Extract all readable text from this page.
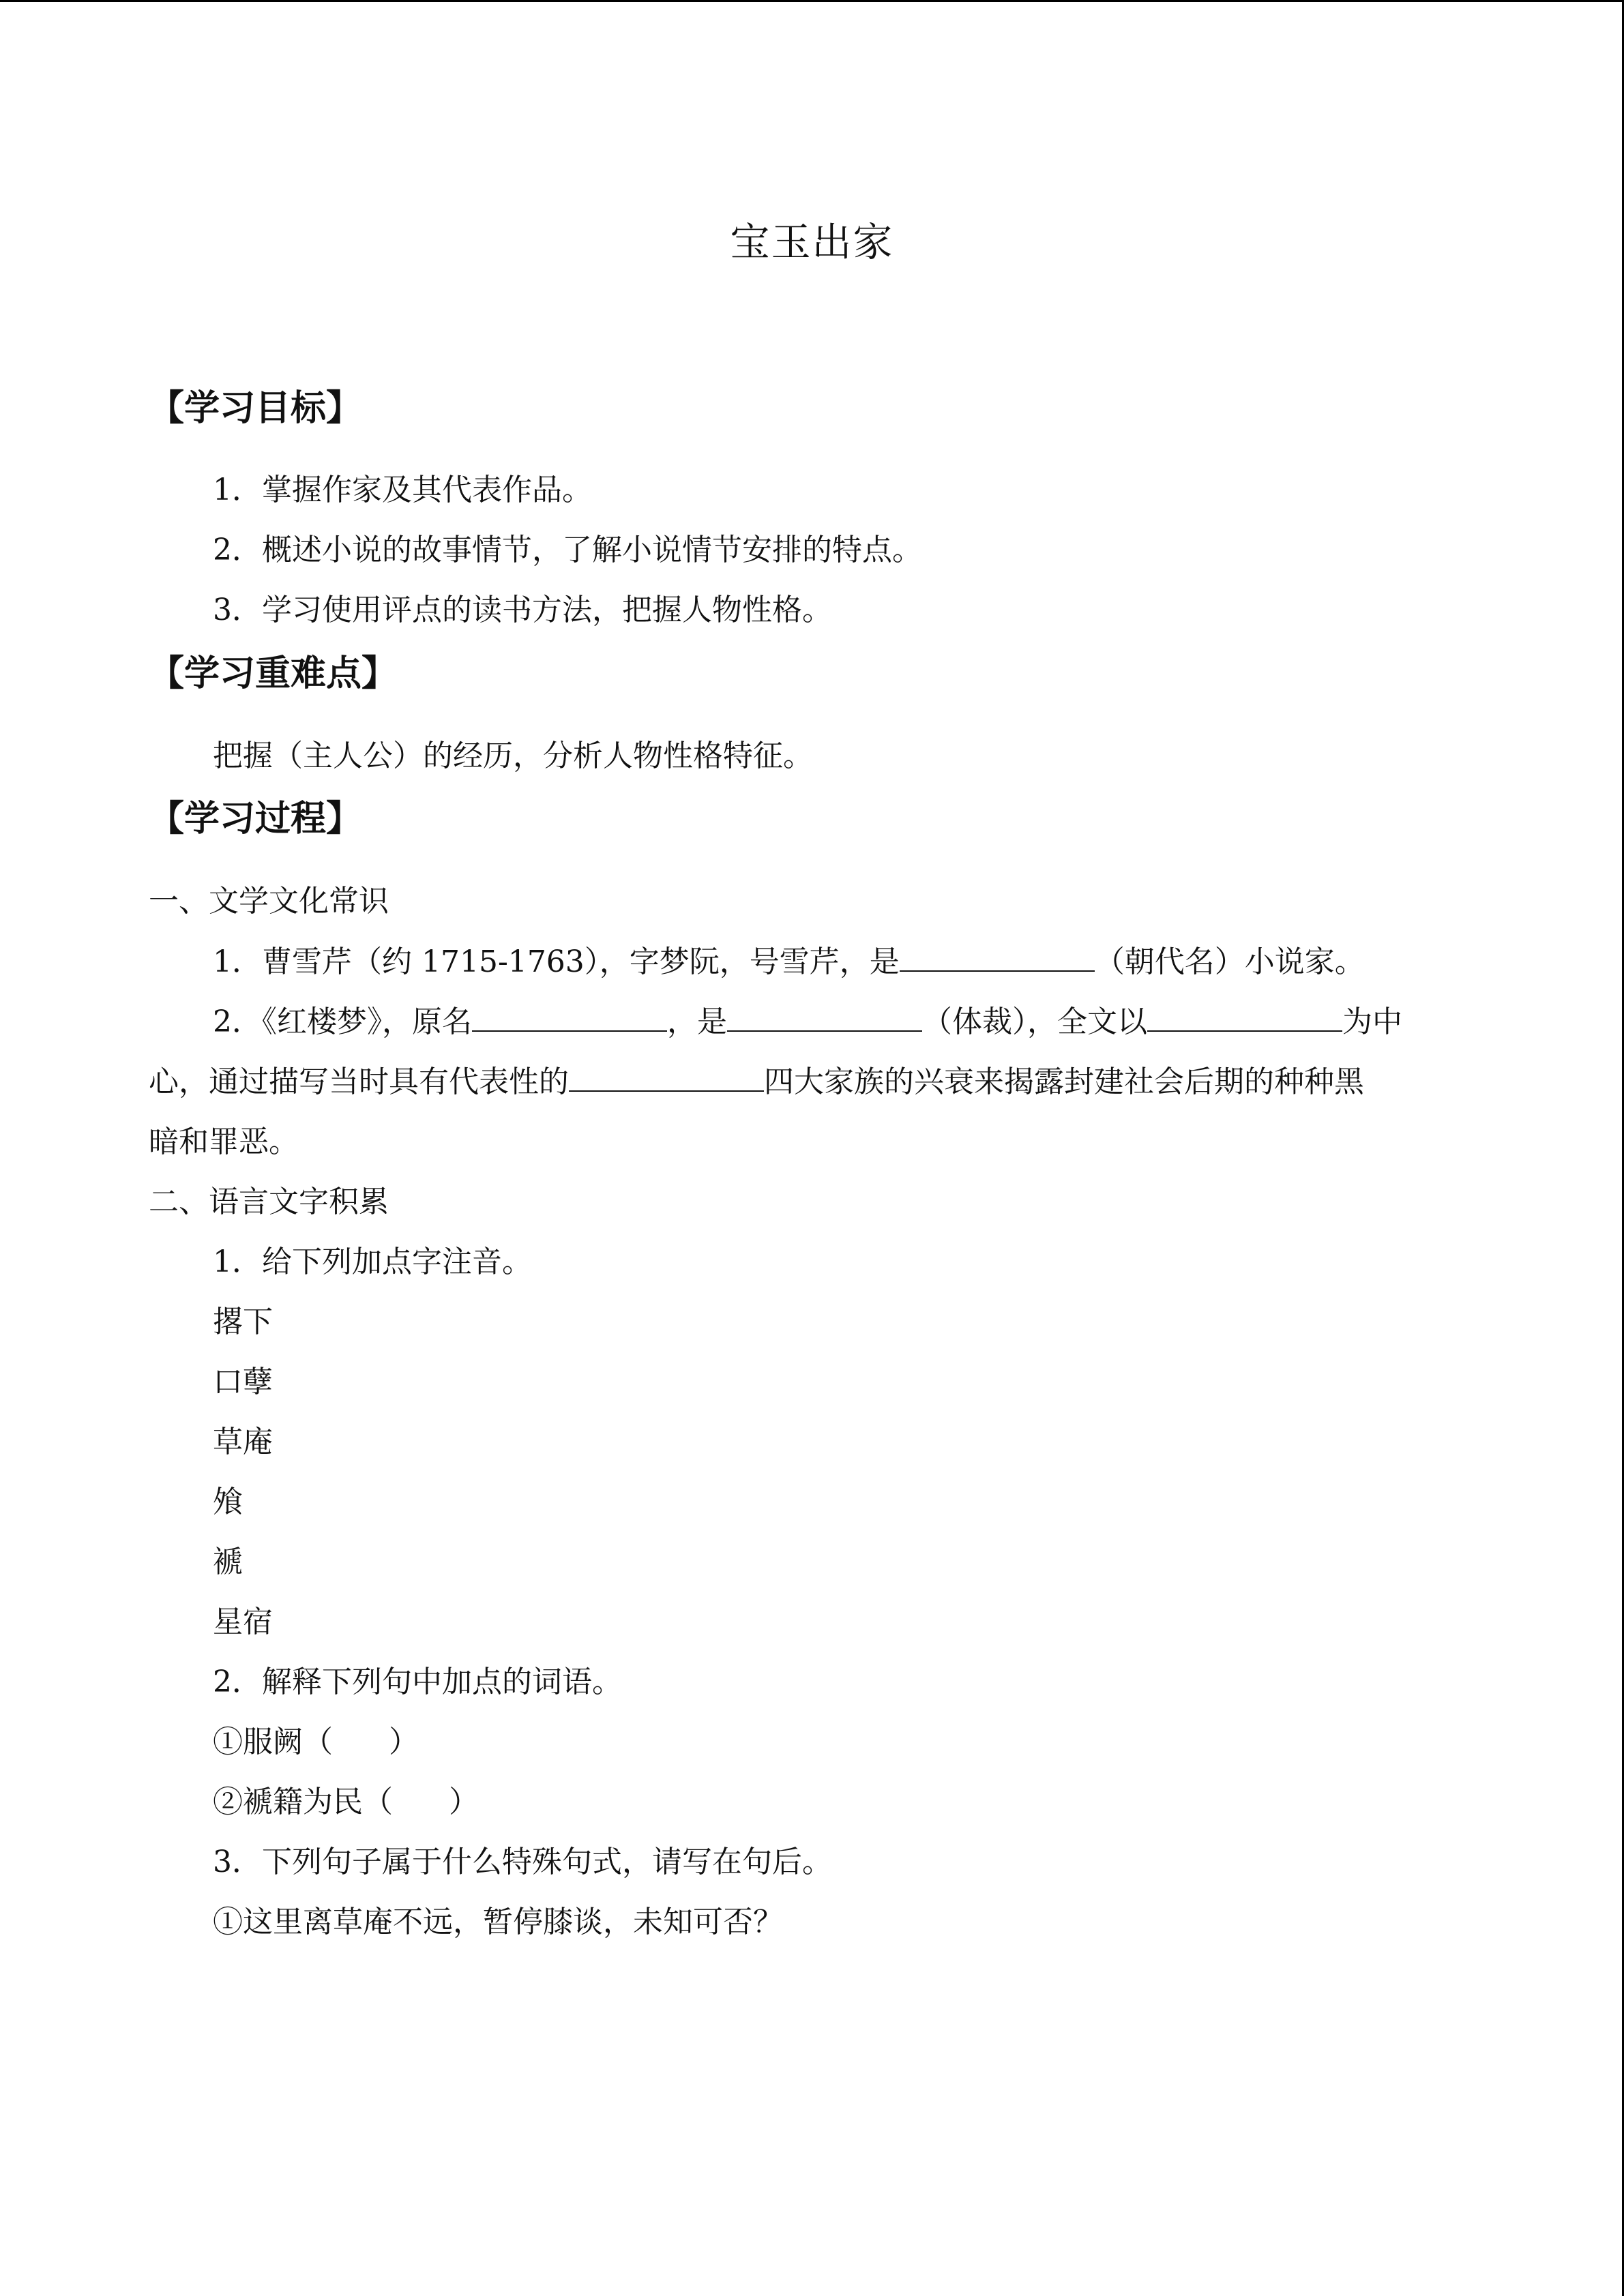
宝玉出家
【学习目标】
1．掌握作家及其代表作品。
2．概述小说的故事情节，了解小说情节安排的特点。
3．学习使用评点的读书方法，把握人物性格。
【学习重难点】
把握（主人公）的经历，分析人物性格特征。
【学习过程】
一、文学文化常识
1．曹雪芹（约 1715-1763），字梦阮，号雪芹，是	（朝代名）小说家。
2．《红楼梦》，原名	，是	（体裁），全文以	为中
心，通过描写当时具有代表性的	四大家族的兴衰来揭露封建社会后期的种种黑
暗和罪恶。
二、语言文字积累
1．给下列加点字注音。
撂下
口孽
草庵
飧
褫
星宿
2．解释下列句中加点的词语。
①服阙（ ）
②褫籍为民（ ）
3．下列句子属于什么特殊句式，请写在句后。
①这里离草庵不远，暂停膝谈，未知可否？
